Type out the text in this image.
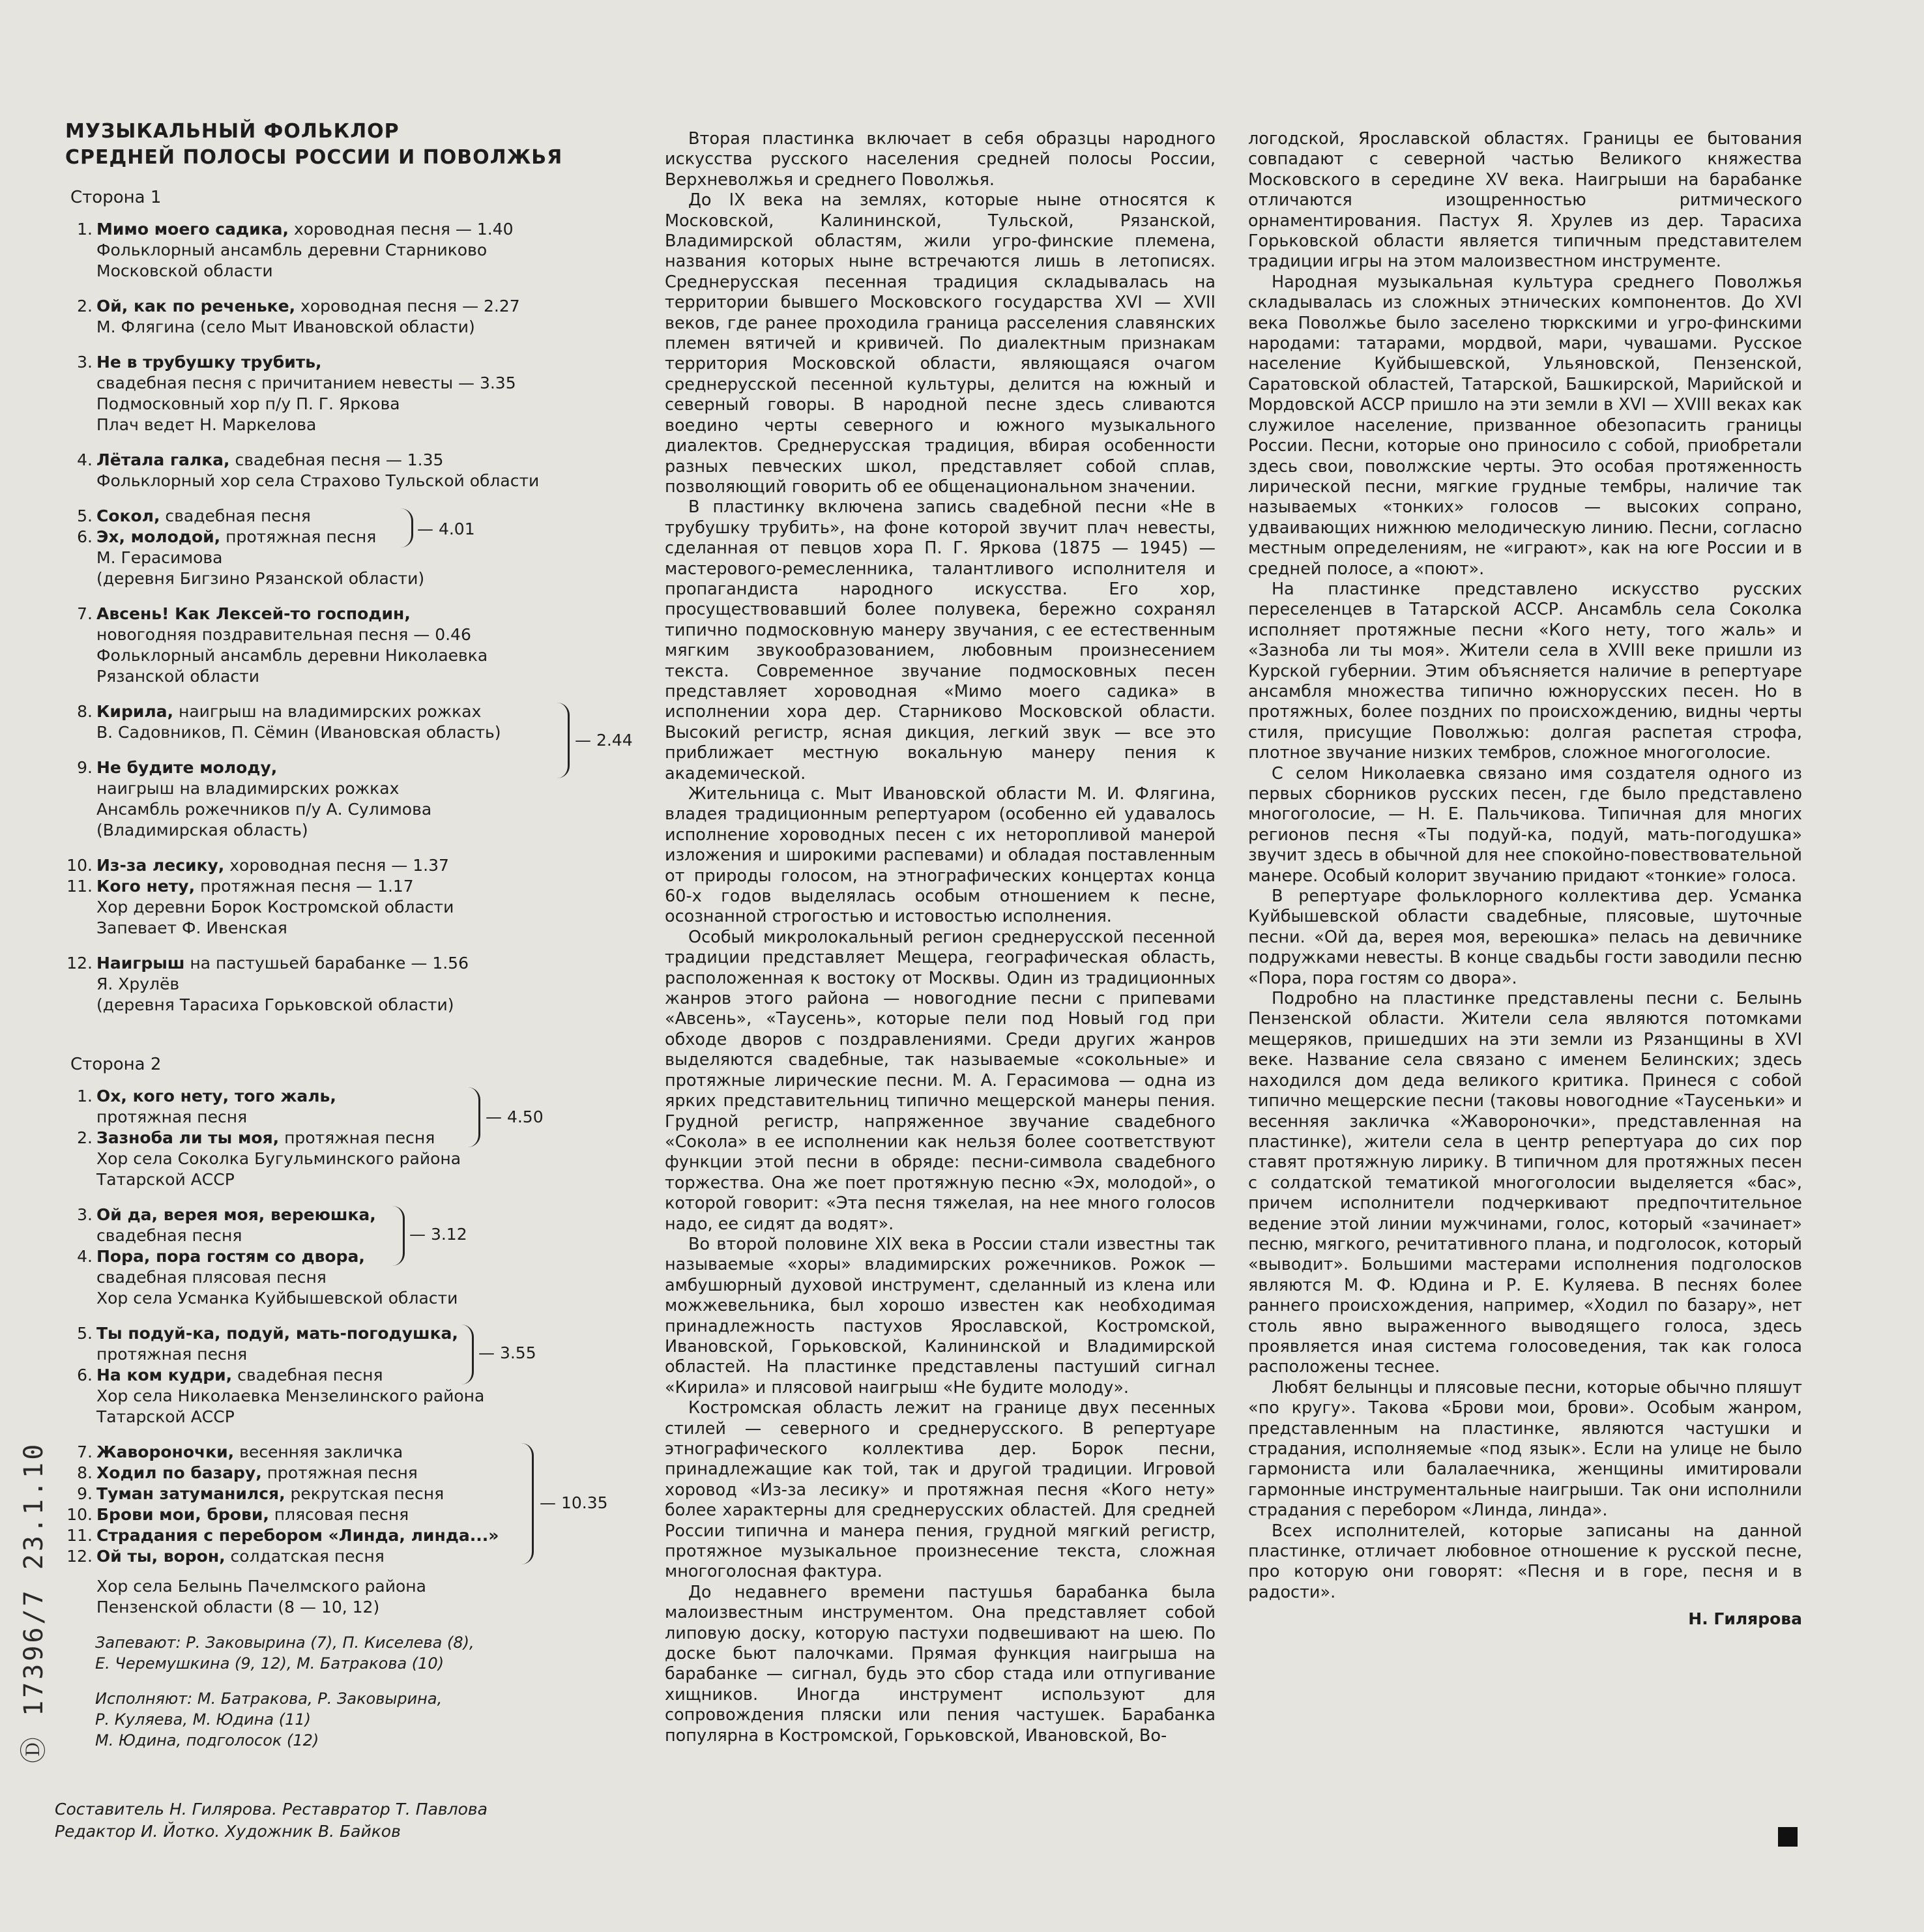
МУЗЫКАЛЬНЫЙ ФОЛЬКЛОР
СРЕДНЕЙ ПОЛОСЫ РОССИИ И ПОВОЛЖЬЯ

Сторона 1
1. Мимо моего садика, хороводная песня — 1.40
Фольклорный ансамбль деревни Старниково
Московской области
2. Ой, как по реченьке, хороводная песня — 2.27
М. Флягина (село Мыт Ивановской области)
3. Не в трубушку трубить,
свадебная песня с причитанием невесты — 3.35
Подмосковный хор п/у П. Г. Яркова
Плач ведет Н. Маркелова
4. Лётала галка, свадебная песня — 1.35
Фольклорный хор села Страхово Тульской области
5. Сокол, свадебная песня
6. Эх, молодой, протяжная песня
М. Герасимова
(деревня Бигзино Рязанской области)
— 4.01
7. Авсень! Как Лексей-то господин,
новогодняя поздравительная песня — 0.46
Фольклорный ансамбль деревни Николаевка
Рязанской области
8. Кирила, наигрыш на владимирских рожках
В. Садовников, П. Сёмин (Ивановская область)
9. Не будите молоду,
наигрыш на владимирских рожках
Ансамбль рожечников п/у А. Сулимова
(Владимирская область)
— 2.44
10. Из-за лесику, хороводная песня — 1.37
11. Кого нету, протяжная песня — 1.17
Хор деревни Борок Костромской области
Запевает Ф. Ивенская
12. Наигрыш на пастушьей барабанке — 1.56
Я. Хрулёв
(деревня Тарасиха Горьковской области)
Сторона 2
1. Ох, кого нету, того жаль,
протяжная песня
2. Зазноба ли ты моя, протяжная песня
Хор села Соколка Бугульминского района
Татарской АССР
— 4.50
3. Ой да, верея моя, вереюшка,
свадебная песня
4. Пора, пора гостям со двора,
свадебная плясовая песня
Хор села Усманка Куйбышевской области
— 3.12
5. Ты подуй-ка, подуй, мать-погодушка,
протяжная песня
6. На ком кудри, свадебная песня
Хор села Николаевка Мензелинского района
Татарской АССР
— 3.55
7. Жавороночки, весенняя закличка
8. Ходил по базару, протяжная песня
9. Туман затуманился, рекрутская песня
10. Брови мои, брови, плясовая песня
11. Страдания с перебором «Линда, линда...»
12. Ой ты, ворон, солдатская песня
Хор села Белынь Пачелмского района
Пензенской области (8 — 10, 12)
— 10.35
Запевают: Р. Заковырина (7), П. Киселева (8),
Е. Черемушкина (9, 12), М. Батракова (10)
Исполняют: М. Батракова, Р. Заковырина,
Р. Куляева, М. Юдина (11)
М. Юдина, подголосок (12)
Составитель Н. Гилярова. Реставратор Т. Павлова
Редактор И. Йотко. Художник В. Байков
Ⓓ 17396/7 23.1.10

Вторая пластинка включает в себя образцы народного искусства русского населения средней полосы России, Верхневолжья и среднего Поволжья.

До IX века на землях, которые ныне относятся к Московской, Калининской, Тульской, Рязанской, Владимирской областям, жили угро-финские племена, названия которых ныне встречаются лишь в летописях. Среднерусская песенная традиция складывалась на территории бывшего Московского государства XVI — XVII веков, где ранее проходила граница расселения славянских племен вятичей и кривичей. По диалектным признакам территория Московской области, являющаяся очагом среднерусской песенной культуры, делится на южный и северный говоры. В народной песне здесь сливаются воедино черты северного и южного музыкального диалектов. Среднерусская традиция, вбирая особенности разных певческих школ, представляет собой сплав, позволяющий говорить об ее общенациональном значении.

В пластинку включена запись свадебной песни «Не в трубушку трубить», на фоне которой звучит плач невесты, сделанная от певцов хора П. Г. Яркова (1875 — 1945) — мастерового-ремесленника, талантливого исполнителя и пропагандиста народного искусства. Его хор, просуществовавший более полувека, бережно сохранял типично подмосковную манеру звучания, с ее естественным мягким звукообразованием, любовным произнесением текста. Современное звучание подмосковных песен представляет хороводная «Мимо моего садика» в исполнении хора дер. Старниково Московской области. Высокий регистр, ясная дикция, легкий звук — все это приближает местную вокальную манеру пения к академической.

Жительница с. Мыт Ивановской области М. И. Флягина, владея традиционным репертуаром (особенно ей удавалось исполнение хороводных песен с их неторопливой манерой изложения и широкими распевами) и обладая поставленным от природы голосом, на этнографических концертах конца 60-х годов выделялась особым отношением к песне, осознанной строгостью и истовостью исполнения.

Особый микролокальный регион среднерусской песенной традиции представляет Мещера, географическая область, расположенная к востоку от Москвы. Один из традиционных жанров этого района — новогодние песни с припевами «Авсень», «Таусень», которые пели под Новый год при обходе дворов с поздравлениями. Среди других жанров выделяются свадебные, так называемые «сокольные» и протяжные лирические песни. М. А. Герасимова — одна из ярких представительниц типично мещерской манеры пения. Грудной регистр, напряженное звучание свадебного «Сокола» в ее исполнении как нельзя более соответствуют функции этой песни в обряде: песни-символа свадебного торжества. Она же поет протяжную песню «Эх, молодой», о которой говорит: «Эта песня тяжелая, на нее много голосов надо, ее сидят да водят».

Во второй половине XIX века в России стали известны так называемые «хоры» владимирских рожечников. Рожок — амбушюрный духовой инструмент, сделанный из клена или можжевельника, был хорошо известен как необходимая принадлежность пастухов Ярославской, Костромской, Ивановской, Горьковской, Калининской и Владимирской областей. На пластинке представлены пастуший сигнал «Кирила» и плясовой наигрыш «Не будите молоду».

Костромская область лежит на границе двух песенных стилей — северного и среднерусского. В репертуаре этнографического коллектива дер. Борок песни, принадлежащие как той, так и другой традиции. Игровой хоровод «Из-за лесику» и протяжная песня «Кого нету» более характерны для среднерусских областей. Для средней России типична и манера пения, грудной мягкий регистр, протяжное музыкальное произнесение текста, сложная многоголосная фактура.

До недавнего времени пастушья барабанка была малоизвестным инструментом. Она представляет собой липовую доску, которую пастухи подвешивают на шею. По доске бьют палочками. Прямая функция наигрыша на барабанке — сигнал, будь это сбор стада или отпугивание хищников. Иногда инструмент используют для сопровождения пляски или пения частушек. Барабанка популярна в Костромской, Горьковской, Ивановской, Во-

логодской, Ярославской областях. Границы ее бытования совпадают с северной частью Великого княжества Московского в середине XV века. Наигрыши на барабанке отличаются изощренностью ритмического орнаментирования. Пастух Я. Хрулев из дер. Тарасиха Горьковской области является типичным представителем традиции игры на этом малоизвестном инструменте.

Народная музыкальная культура среднего Поволжья складывалась из сложных этнических компонентов. До XVI века Поволжье было заселено тюркскими и угро-финскими народами: татарами, мордвой, мари, чувашами. Русское население Куйбышевской, Ульяновской, Пензенской, Саратовской областей, Татарской, Башкирской, Марийской и Мордовской АССР пришло на эти земли в XVI — XVIII веках как служилое население, призванное обезопасить границы России. Песни, которые оно приносило с собой, приобретали здесь свои, поволжские черты. Это особая протяженность лирической песни, мягкие грудные тембры, наличие так называемых «тонких» голосов — высоких сопрано, удваивающих нижнюю мелодическую линию. Песни, согласно местным определениям, не «играют», как на юге России и в средней полосе, а «поют».

На пластинке представлено искусство русских переселенцев в Татарской АССР. Ансамбль села Соколка исполняет протяжные песни «Кого нету, того жаль» и «Зазноба ли ты моя». Жители села в XVIII веке пришли из Курской губернии. Этим объясняется наличие в репертуаре ансамбля множества типично южнорусских песен. Но в протяжных, более поздних по происхождению, видны черты стиля, присущие Поволжью: долгая распетая строфа, плотное звучание низких тембров, сложное многоголосие.

С селом Николаевка связано имя создателя одного из первых сборников русских песен, где было представлено многоголосие, — Н. Е. Пальчикова. Типичная для многих регионов песня «Ты подуй-ка, подуй, мать-погодушка» звучит здесь в обычной для нее спокойно-повествовательной манере. Особый колорит звучанию придают «тонкие» голоса.

В репертуаре фольклорного коллектива дер. Усманка Куйбышевской области свадебные, плясовые, шуточные песни. «Ой да, верея моя, вереюшка» пелась на девичнике подружками невесты. В конце свадьбы гости заводили песню «Пора, пора гостям со двора».

Подробно на пластинке представлены песни с. Белынь Пензенской области. Жители села являются потомками мещеряков, пришедших на эти земли из Рязанщины в XVI веке. Название села связано с именем Белинских; здесь находился дом деда великого критика. Принеся с собой типично мещерские песни (таковы новогодние «Таусеньки» и весенняя закличка «Жавороночки», представленная на пластинке), жители села в центр репертуара до сих пор ставят протяжную лирику. В типичном для протяжных песен с солдатской тематикой многоголосии выделяется «бас», причем исполнители подчеркивают предпочтительное ведение этой линии мужчинами, голос, который «зачинает» песню, мягкого, речитативного плана, и подголосок, который «выводит». Большими мастерами исполнения подголосков являются М. Ф. Юдина и Р. Е. Куляева. В песнях более раннего происхождения, например, «Ходил по базару», нет столь явно выраженного выводящего голоса, здесь проявляется иная система голосоведения, так как голоса расположены теснее.

Любят белынцы и плясовые песни, которые обычно пляшут «по кругу». Такова «Брови мои, брови». Особым жанром, представленным на пластинке, являются частушки и страдания, исполняемые «под язык». Если на улице не было гармониста или балалаечника, женщины имитировали гармонные инструментальные наигрыши. Так они исполнили страдания с перебором «Линда, линда».

Всех исполнителей, которые записаны на данной пластинке, отличает любовное отношение к русской песне, про которую они говорят: «Песня и в горе, песня и в радости».

Н. Гилярова
